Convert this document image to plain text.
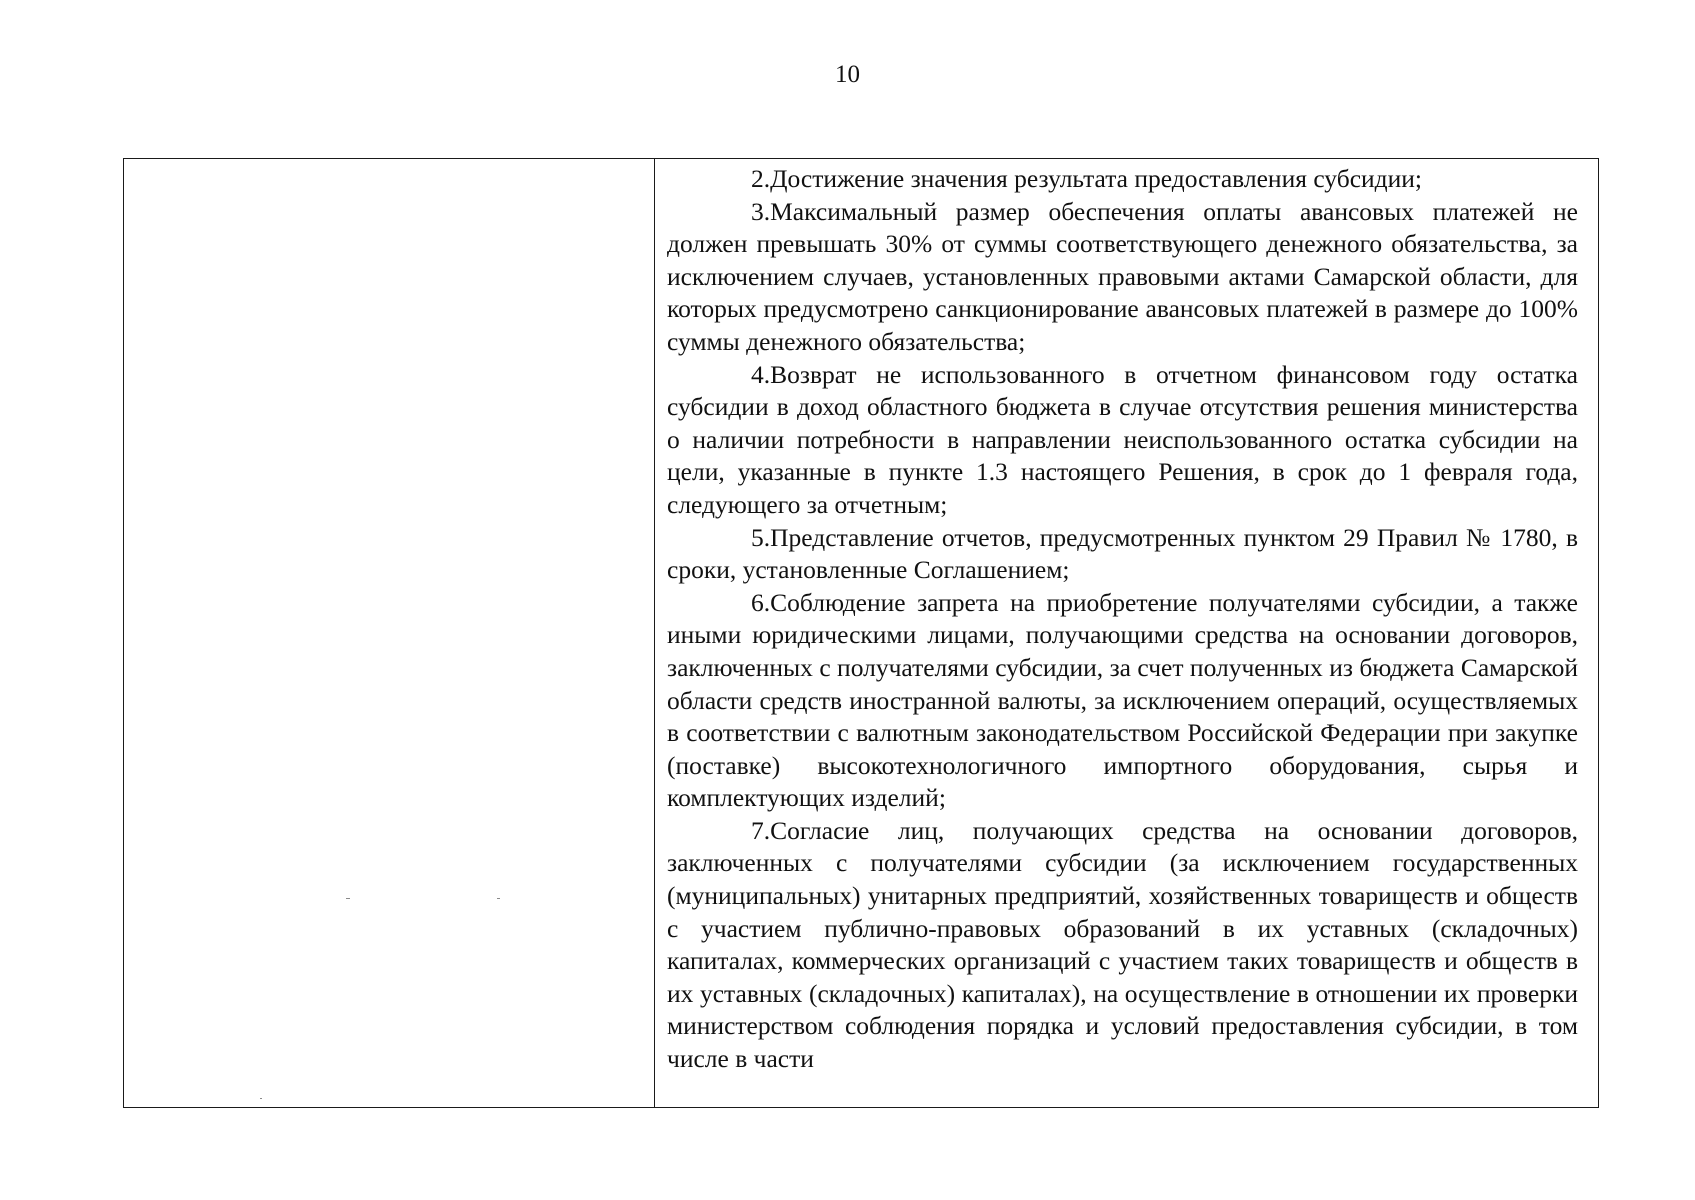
10

2.Достижение значения результата предоставления субсидии;

3.Максимальный размер обеспечения оплаты авансовых платежей не должен превышать 30% от суммы соответствующего денежного обязательства, за исключением случаев, установленных правовыми актами Самарской области, для которых предусмотрено санкционирование авансовых платежей в размере до 100% суммы денежного обязательства;

4.Возврат не использованного в отчетном финансовом году остатка субсидии в доход областного бюджета в случае отсутствия решения министерства о наличии потребности в направлении неиспользованного остатка субсидии на цели, указанные в пункте 1.3 настоящего Решения, в срок до 1 февраля года, следующего за отчетным;

5.Представление отчетов, предусмотренных пунктом 29 Правил № 1780, в сроки, установленные Соглашением;

6.Соблюдение запрета на приобретение получателями субсидии, а также иными юридическими лицами, получающими средства на основании договоров, заключенных с получателями субсидии, за счет полученных из бюджета Самарской области средств иностранной валюты, за исключением операций, осуществляемых в соответствии с валютным законодательством Российской Федерации при закупке (поставке) высокотехнологичного импортного оборудования, сырья и комплектующих изделий;

7.Согласие лиц, получающих средства на основании договоров, заключенных с получателями субсидии (за исключением государственных (муниципальных) унитарных предприятий, хозяйственных товариществ и обществ с участием публично-правовых образований в их уставных (складочных) капиталах, коммерческих организаций с участием таких товариществ и обществ в их уставных (складочных) капиталах), на осуществление в отношении их проверки министерством соблюдения порядка и условий предоставления субсидии, в том числе в части
